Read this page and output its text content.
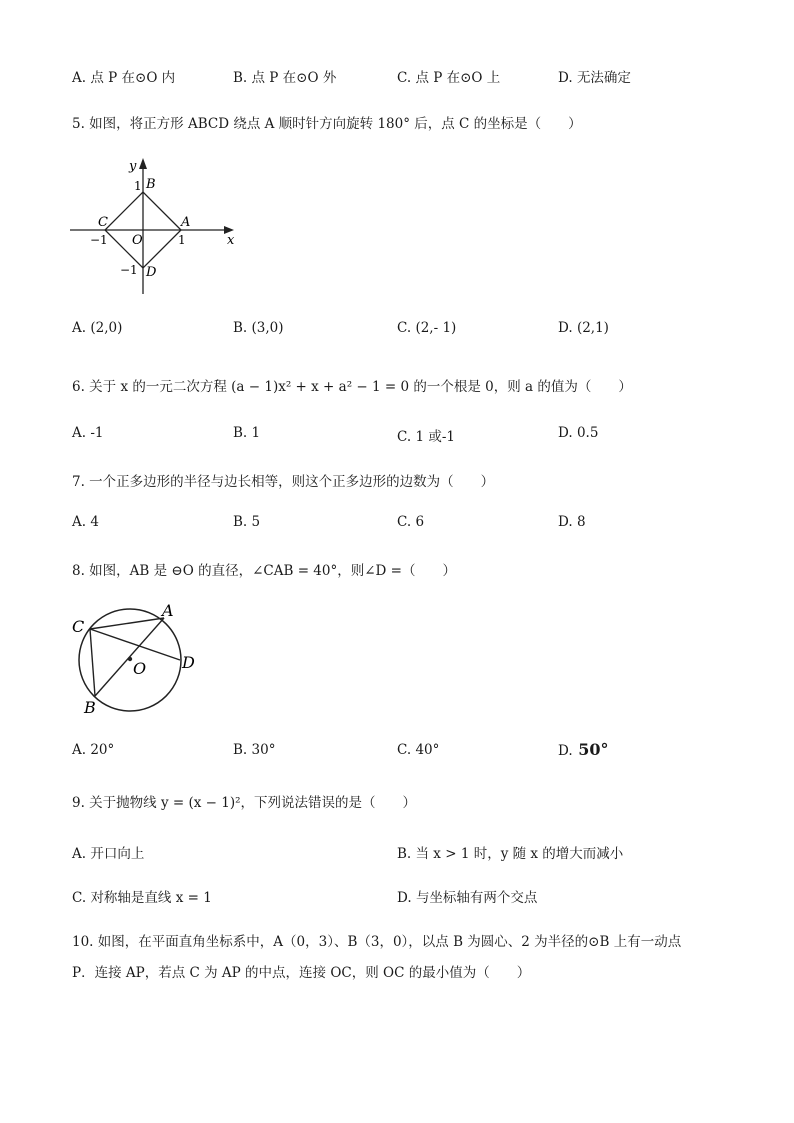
A. 点 P 在⊙O 内	B. 点 P 在⊙O 外	C. 点 P 在⊙O 上	D. 无法确定
5. 如图，将正方形 ABCD 绕点 A 顺时针方向旋转 180° 后，点 C 的坐标是（　　）
y
x
1 B
C	A
−1 O	1
−1 D
A. (2,0)	B. (3,0)	C. (2,- 1)	D. (2,1)
6. 关于 x 的一元二次方程 (a − 1)x² + x + a² − 1 = 0 的一个根是 0，则 a 的值为（　　）
A. -1	B. 1	C. 1 或-1	D. 0.5
7. 一个正多边形的半径与边长相等，则这个正多边形的边数为（　　）
A. 4	B. 5	C. 6	D. 8
8. 如图，AB 是 ⊖O 的直径，∠CAB = 40°，则∠D =（　　）
C
A
D
O
B
A. 20°	B. 30°	C. 40°	D. 50°
9. 关于抛物线 y = (x − 1)²，下列说法错误的是（　　）
A. 开口向上	B. 当 x > 1 时，y 随 x 的增大而减小
C. 对称轴是直线 x = 1	D. 与坐标轴有两个交点
10. 如图，在平面直角坐标系中，A（0，3）、B（3，0），以点 B 为圆心、2 为半径的⊙B 上有一动点
P．连接 AP，若点 C 为 AP 的中点，连接 OC，则 OC 的最小值为（　　）
